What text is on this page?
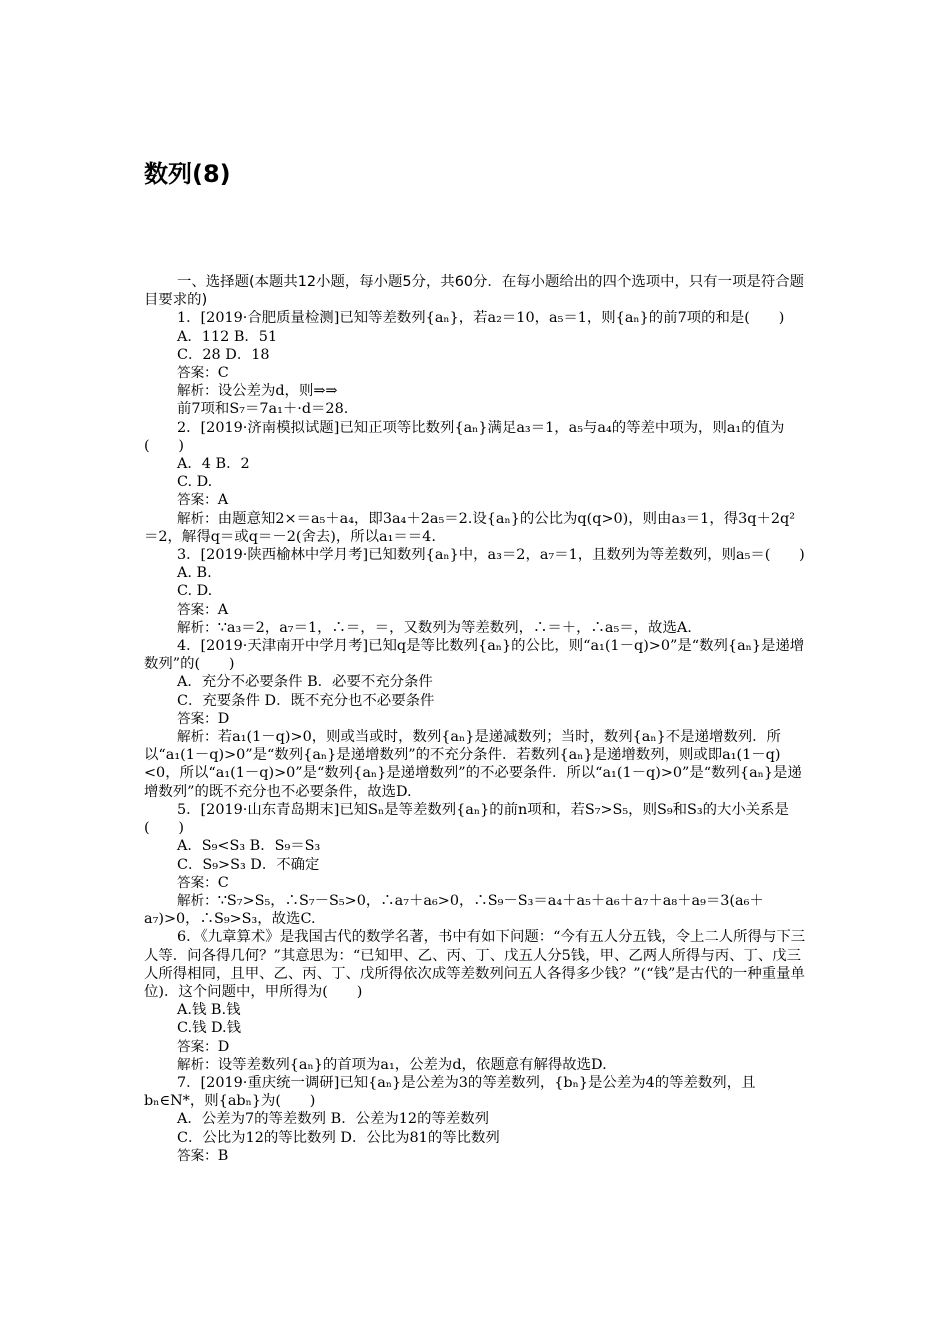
数列(8)

一、选择题(本题共12小题，每小题5分，共60分．在每小题给出的四个选项中，只有一项是符合题目要求的)

1．[2019·合肥质量检测]已知等差数列{aₙ}，若a₂＝10，a₅＝1，则{aₙ}的前7项的和是(　　)

A．112 B．51

C．28 D．18

答案：C

解析：设公差为d，则⇒⇒

前7项和S₇＝7a₁＋·d＝28.

2．[2019·济南模拟试题]已知正项等比数列{aₙ}满足a₃＝1，a₅与a₄的等差中项为，则a₁的值为(　　)

A．4 B．2

C. D.

答案：A

解析：由题意知2×＝a₅＋a₄，即3a₄＋2a₅＝2.设{aₙ}的公比为q(q>0)，则由a₃＝1，得3q＋2q²＝2，解得q＝或q＝－2(舍去)，所以a₁＝＝4.

3．[2019·陕西榆林中学月考]已知数列{aₙ}中，a₃＝2，a₇＝1，且数列为等差数列，则a₅＝(　　)

A. B.

C. D.

答案：A

解析：∵a₃＝2，a₇＝1，∴＝，＝，又数列为等差数列，∴＝＋，∴a₅＝，故选A.

4．[2019·天津南开中学月考]已知q是等比数列{aₙ}的公比，则“a₁(1－q)>0”是“数列{aₙ}是递增数列”的(　　)

A．充分不必要条件 B．必要不充分条件

C．充要条件 D．既不充分也不必要条件

答案：D

解析：若a₁(1－q)>0，则或当或时，数列{aₙ}是递减数列；当时，数列{aₙ}不是递增数列．所以“a₁(1－q)>0”是“数列{aₙ}是递增数列”的不充分条件．若数列{aₙ}是递增数列，则或即a₁(1－q)<0，所以“a₁(1－q)>0”是“数列{aₙ}是递增数列”的不必要条件．所以“a₁(1－q)>0”是“数列{aₙ}是递增数列”的既不充分也不必要条件，故选D.

5．[2019·山东青岛期末]已知Sₙ是等差数列{aₙ}的前n项和，若S₇>S₅，则S₉和S₃的大小关系是(　　)

A．S₉<S₃ B．S₉＝S₃

C．S₉>S₃ D．不确定

答案：C

解析：∵S₇>S₅，∴S₇－S₅>0，∴a₇＋a₆>0，∴S₉－S₃＝a₄＋a₅＋a₆＋a₇＋a₈＋a₉＝3(a₆＋a₇)>0，∴S₉>S₃，故选C.

6．《九章算术》是我国古代的数学名著，书中有如下问题：“今有五人分五钱，令上二人所得与下三人等．问各得几何？”其意思为：“已知甲、乙、丙、丁、戊五人分5钱，甲、乙两人所得与丙、丁、戊三人所得相同，且甲、乙、丙、丁、戊所得依次成等差数列问五人各得多少钱？”(“钱”是古代的一种重量单位)．这个问题中，甲所得为(　　)

A.钱 B.钱

C.钱 D.钱

答案：D

解析：设等差数列{aₙ}的首项为a₁，公差为d，依题意有解得故选D.

7．[2019·重庆统一调研]已知{aₙ}是公差为3的等差数列，{bₙ}是公差为4的等差数列，且bₙ∈N*，则{abₙ}为(　　)

A．公差为7的等差数列 B．公差为12的等差数列

C．公比为12的等比数列 D．公比为81的等比数列

答案：B
